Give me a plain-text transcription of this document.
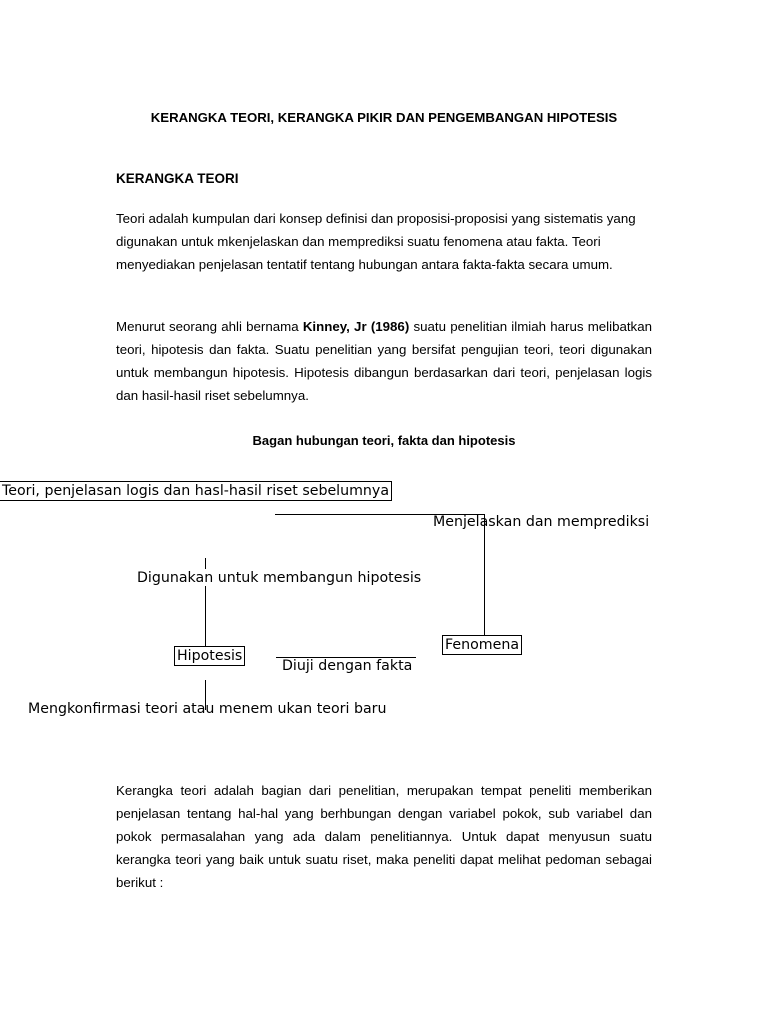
KERANGKA TEORI, KERANGKA PIKIR DAN PENGEMBANGAN HIPOTESIS
KERANGKA TEORI
Teori adalah kumpulan dari konsep definisi dan proposisi-proposisi yang sistematis yang digunakan untuk mkenjelaskan dan memprediksi suatu fenomena atau fakta. Teori menyediakan penjelasan tentatif tentang hubungan antara fakta-fakta secara umum.
Menurut seorang ahli bernama Kinney, Jr (1986) suatu penelitian ilmiah harus melibatkan teori, hipotesis dan fakta. Suatu penelitian yang bersifat pengujian teori, teori digunakan untuk membangun hipotesis. Hipotesis dibangun berdasarkan dari teori, penjelasan logis dan hasil-hasil riset sebelumnya.
Bagan hubungan teori, fakta dan hipotesis
Teori, penjelasan logis dan hasl-hasil riset sebelumnya
Menjelaskan dan memprediksi
Digunakan untuk membangun hipotesis
Hipotesis
Diuji dengan fakta
Fenomena
Mengkonfirmasi teori atau menem ukan teori baru
Kerangka teori adalah bagian dari penelitian, merupakan tempat peneliti memberikan penjelasan tentang hal-hal yang berhbungan dengan variabel pokok, sub variabel dan pokok permasalahan yang ada dalam penelitiannya. Untuk dapat menyusun suatu kerangka teori yang baik untuk suatu riset, maka peneliti dapat melihat pedoman sebagai berikut :
